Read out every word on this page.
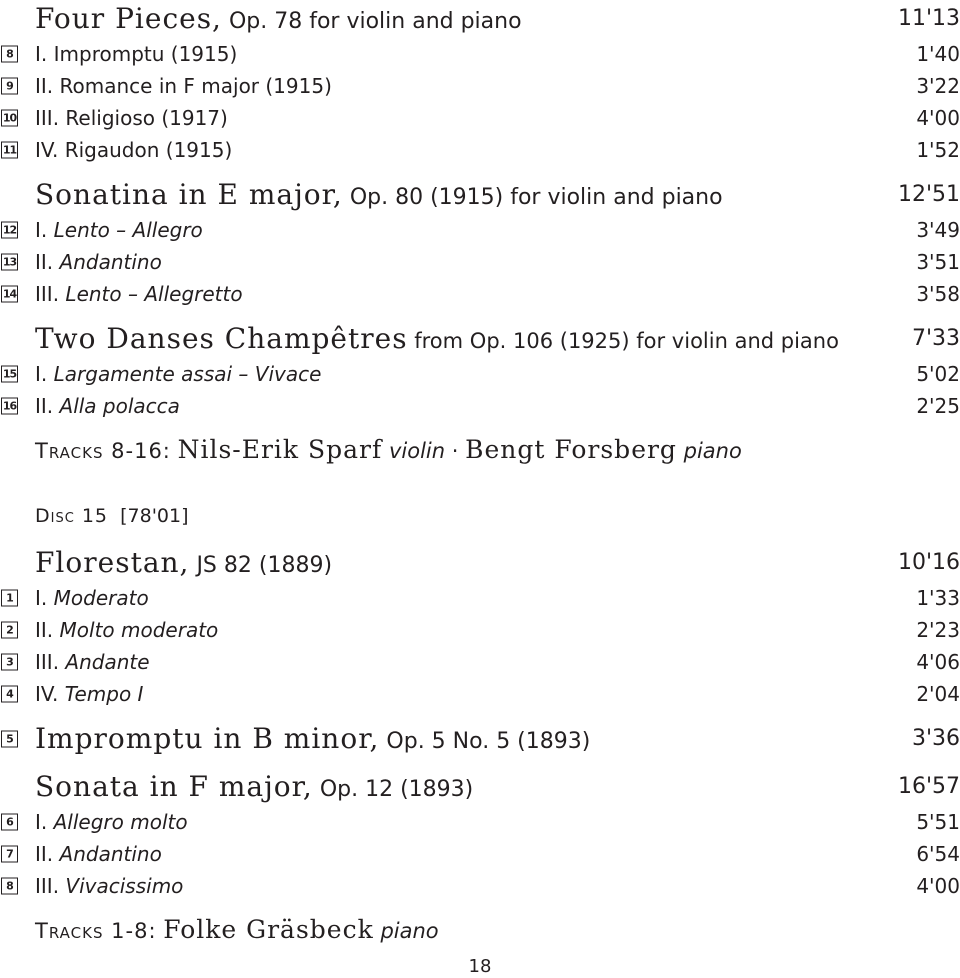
Four Pieces, Op. 78 for violin and piano	11'13
8 I. Impromptu (1915)	1'40
9 II. Romance in F major (1915)	3'22
10 III. Religioso (1917)	4'00
11 IV. Rigaudon (1915)	1'52
Sonatina in E major, Op. 80 (1915) for violin and piano	12'51
12 I. Lento – Allegro	3'49
13 II. Andantino	3'51
14 III. Lento – Allegretto	3'58
Two Danses Champêtres from Op. 106 (1925) for violin and piano	7'33
15 I. Largamente assai – Vivace	5'02
16 II. Alla polacca	2'25
Tracks 8-16: Nils-Erik Sparf violin · Bengt Forsberg piano
Disc 15 [78'01]
Florestan, JS 82 (1889)	10'16
1 I. Moderato	1'33
2 II. Molto moderato	2'23
3 III. Andante	4'06
4 IV. Tempo I	2'04
5 Impromptu in B minor, Op. 5 No. 5 (1893)	3'36
Sonata in F major, Op. 12 (1893)	16'57
6 I. Allegro molto	5'51
7 II. Andantino	6'54
8 III. Vivacissimo	4'00
Tracks 1-8: Folke Gräsbeck piano
18
